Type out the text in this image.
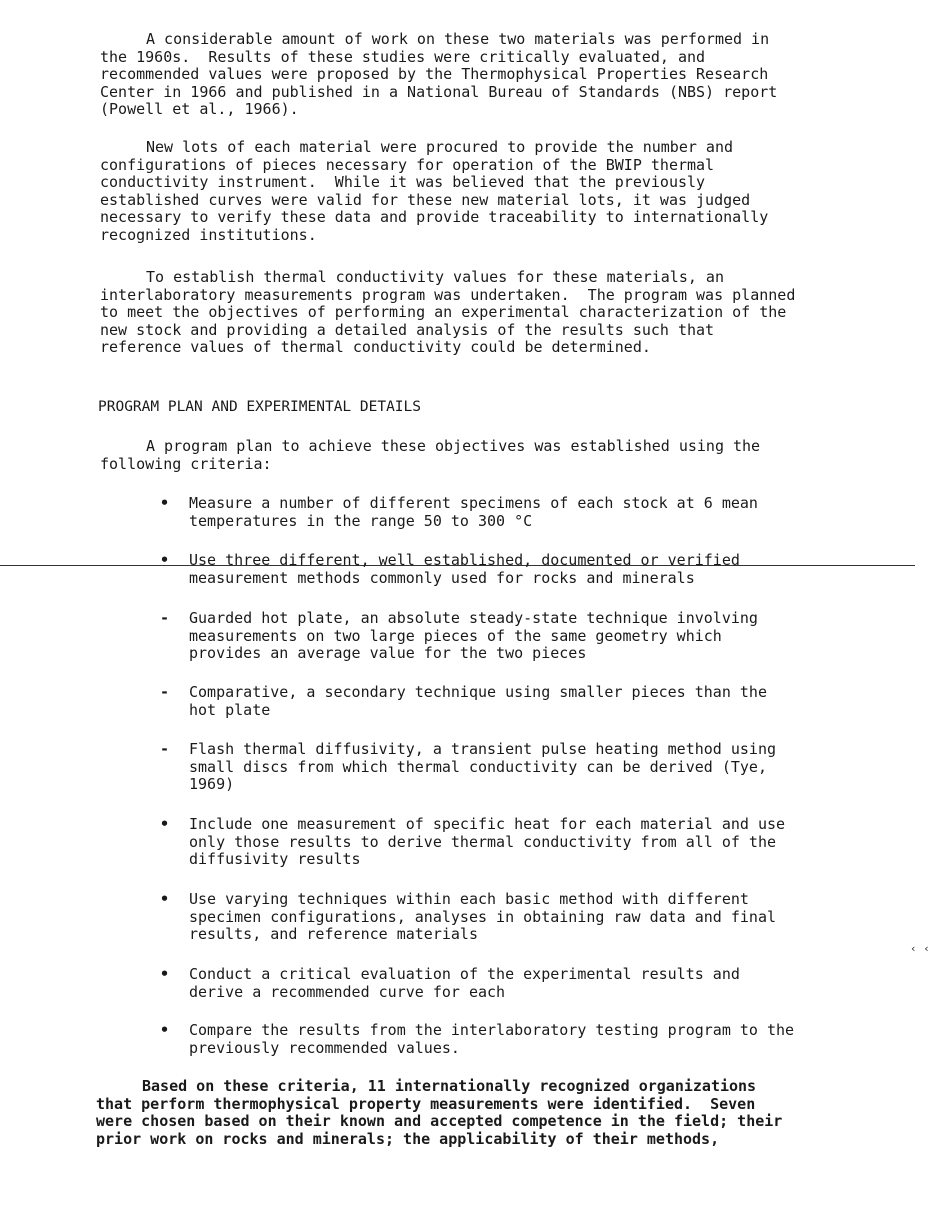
A considerable amount of work on these two materials was performed in
the 1960s.  Results of these studies were critically evaluated, and
recommended values were proposed by the Thermophysical Properties Research
Center in 1966 and published in a National Bureau of Standards (NBS) report
(Powell et al., 1966).
New lots of each material were procured to provide the number and
configurations of pieces necessary for operation of the BWIP thermal
conductivity instrument.  While it was believed that the previously
established curves were valid for these new material lots, it was judged
necessary to verify these data and provide traceability to internationally
recognized institutions.
To establish thermal conductivity values for these materials, an
interlaboratory measurements program was undertaken.  The program was planned
to meet the objectives of performing an experimental characterization of the
new stock and providing a detailed analysis of the results such that
reference values of thermal conductivity could be determined.
PROGRAM PLAN AND EXPERIMENTAL DETAILS
A program plan to achieve these objectives was established using the
following criteria:
•	Measure a number of different specimens of each stock at 6 mean
temperatures in the range 50 to 300 °C
•	Use three different, well established, documented or verified
measurement methods commonly used for rocks and minerals
-	Guarded hot plate, an absolute steady-state technique involving
measurements on two large pieces of the same geometry which
provides an average value for the two pieces
-	Comparative, a secondary technique using smaller pieces than the
hot plate
-	Flash thermal diffusivity, a transient pulse heating method using
small discs from which thermal conductivity can be derived (Tye,
1969)
•	Include one measurement of specific heat for each material and use
only those results to derive thermal conductivity from all of the
diffusivity results
•	Use varying techniques within each basic method with different
specimen configurations, analyses in obtaining raw data and final
results, and reference materials
•	Conduct a critical evaluation of the experimental results and
derive a recommended curve for each
•	Compare the results from the interlaboratory testing program to the
previously recommended values.
Based on these criteria, 11 internationally recognized organizations
that perform thermophysical property measurements were identified.  Seven
were chosen based on their known and accepted competence in the field; their
prior work on rocks and minerals; the applicability of their methods,
‹ ‹
